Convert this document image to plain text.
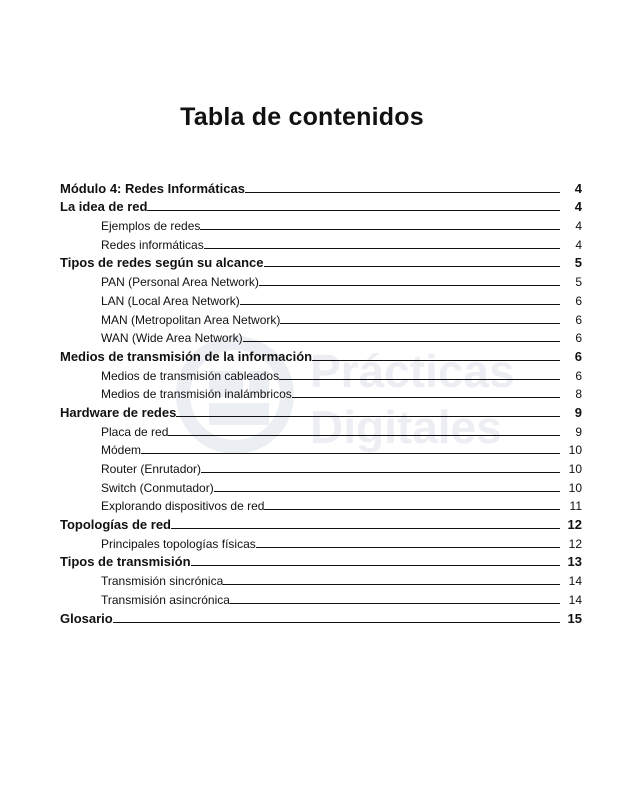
Prácticas
Digitales
Tabla de contenidos
Módulo 4: Redes Informáticas	4
La idea de red	4
Ejemplos de redes	4
Redes informáticas	4
Tipos de redes según su alcance	5
PAN (Personal Area Network)	5
LAN (Local Area Network)	6
MAN (Metropolitan Area Network)	6
WAN (Wide Area Network)	6
Medios de transmisión de la información	6
Medios de transmisión cableados	6
Medios de transmisión inalámbricos	8
Hardware de redes	9
Placa de red	9
Módem	10
Router (Enrutador)	10
Switch (Conmutador)	10
Explorando dispositivos de red	11
Topologías de red	12
Principales topologías físicas	12
Tipos de transmisión	13
Transmisión sincrónica	14
Transmisión asincrónica	14
Glosario	15
